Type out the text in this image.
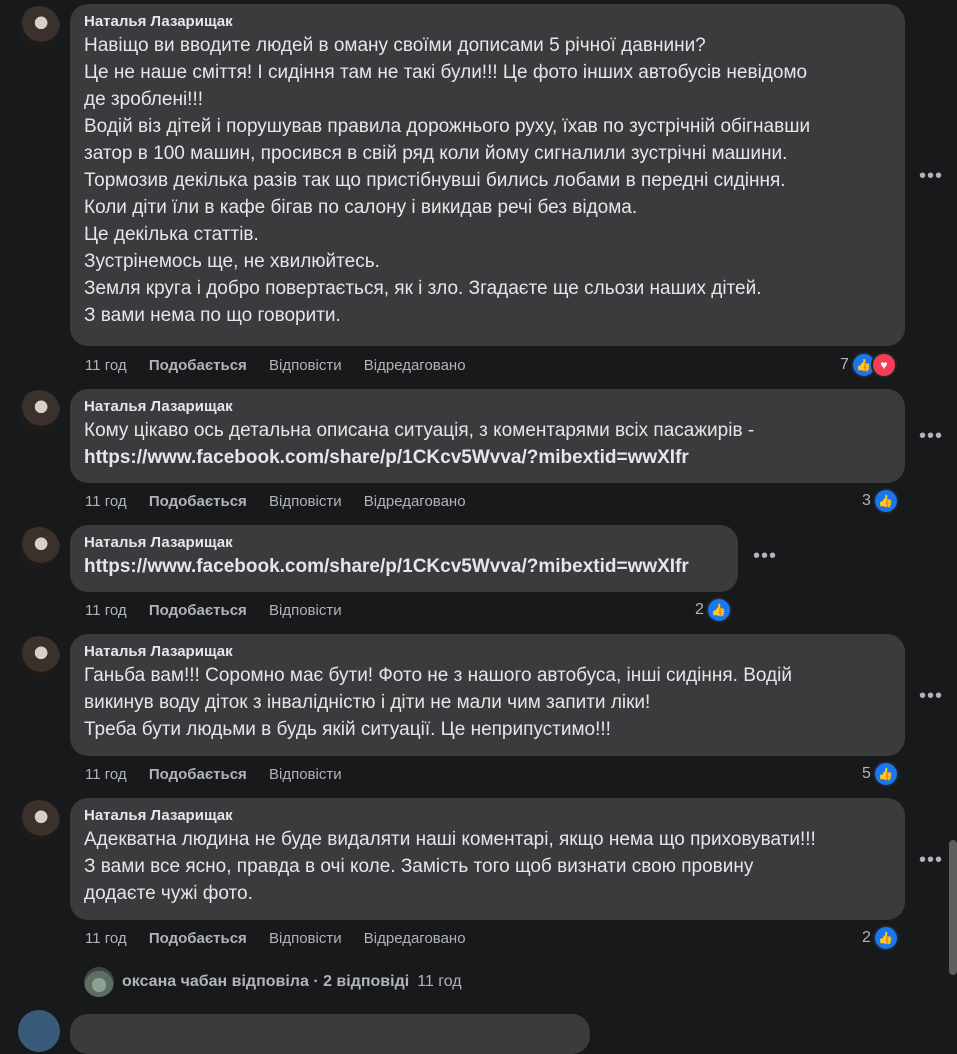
Наталья Лазарищак
Навіщо ви вводите людей в оману своїми дописами 5 річної давнини?
Це не наше сміття! І сидіння там не такі були!!! Це фото інших автобусів невідомо
де зроблені!!!
Водій віз дітей і порушував правила дорожнього руху, їхав по зустрічній обігнавши
затор в 100 машин, просився в свій ряд коли йому сигналили зустрічні машини.
Тормозив декілька разів так що пристібнувші бились лобами в передні сидіння.
Коли діти їли в кафе бігав по салону і викидав речі без відома.
Це декілька статтів.
Зустрінемось ще, не хвилюйтесь.
Земля кругa і добро повертається, як і зло. Згадаєте ще сльози наших дітей.
З вами нема по що говорити.
•••
11 год Подобається Відповісти Відредаговано	7 👍 ♥
Наталья Лазарищак
Кому цікаво ось детальна описана ситуація, з коментарями всіх пасажирів -
https://www.facebook.com/share/p/1CKcv5Wvva/?mibextid=wwXIfr
•••
11 год Подобається Відповісти Відредаговано	3 👍
Наталья Лазарищак
https://www.facebook.com/share/p/1CKcv5Wvva/?mibextid=wwXIfr	•••
11 год Подобається Відповісти	2 👍
Наталья Лазарищак
Ганьба вам!!! Соромно має бути! Фото не з нашого автобуса, інші сидіння. Водій
викинув воду діток з інвалідністю і діти не мали чим запити ліки!
Треба бути людьми в будь якій ситуації. Це неприпустимо!!!
•••
11 год Подобається Відповісти	5 👍
Наталья Лазарищак
Адекватна людина не буде видаляти наші коментарі, якщо нема що приховувати!!!
З вами все ясно, правда в очі коле. Замість того щоб визнати свою провину
додаєте чужі фото.
•••
11 год Подобається Відповісти Відредаговано	2 👍
оксана чабан відповіла · 2 відповіді 11 год
